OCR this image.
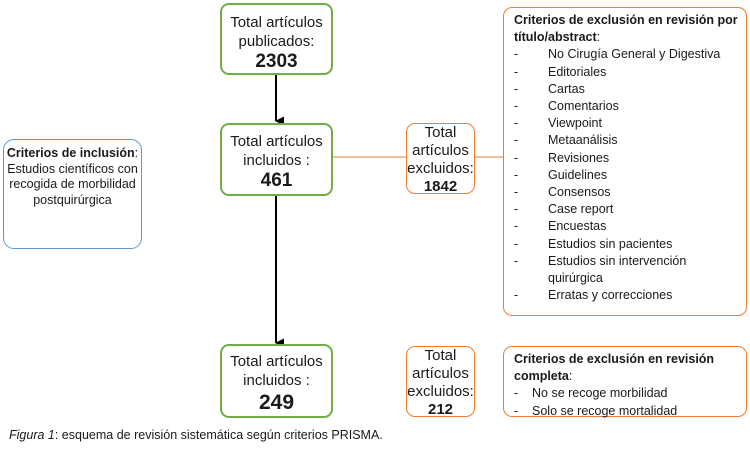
Total artículos publicados:
2303
Total artículos incluidos :
461
Total artículos incluidos :
249
Total artículos excluidos:
1842
Total artículos excluidos:
212
Criterios de inclusión:
Estudios científicos con recogida de morbilidad postquirúrgica
Criterios de exclusión en revisión por título/abstract:
- No Cirugía General y Digestiva
- Editoriales
- Cartas
- Comentarios
- Viewpoint
- Metaanálisis
- Revisiones
- Guidelines
- Consensos
- Case report
- Encuestas
- Estudios sin pacientes
- Estudios sin intervención quirúrgica
- Erratas y correcciones
Criterios de exclusión en revisión completa:
- No se recoge morbilidad
- Solo se recoge mortalidad
Figura 1: esquema de revisión sistemática según criterios PRISMA.
